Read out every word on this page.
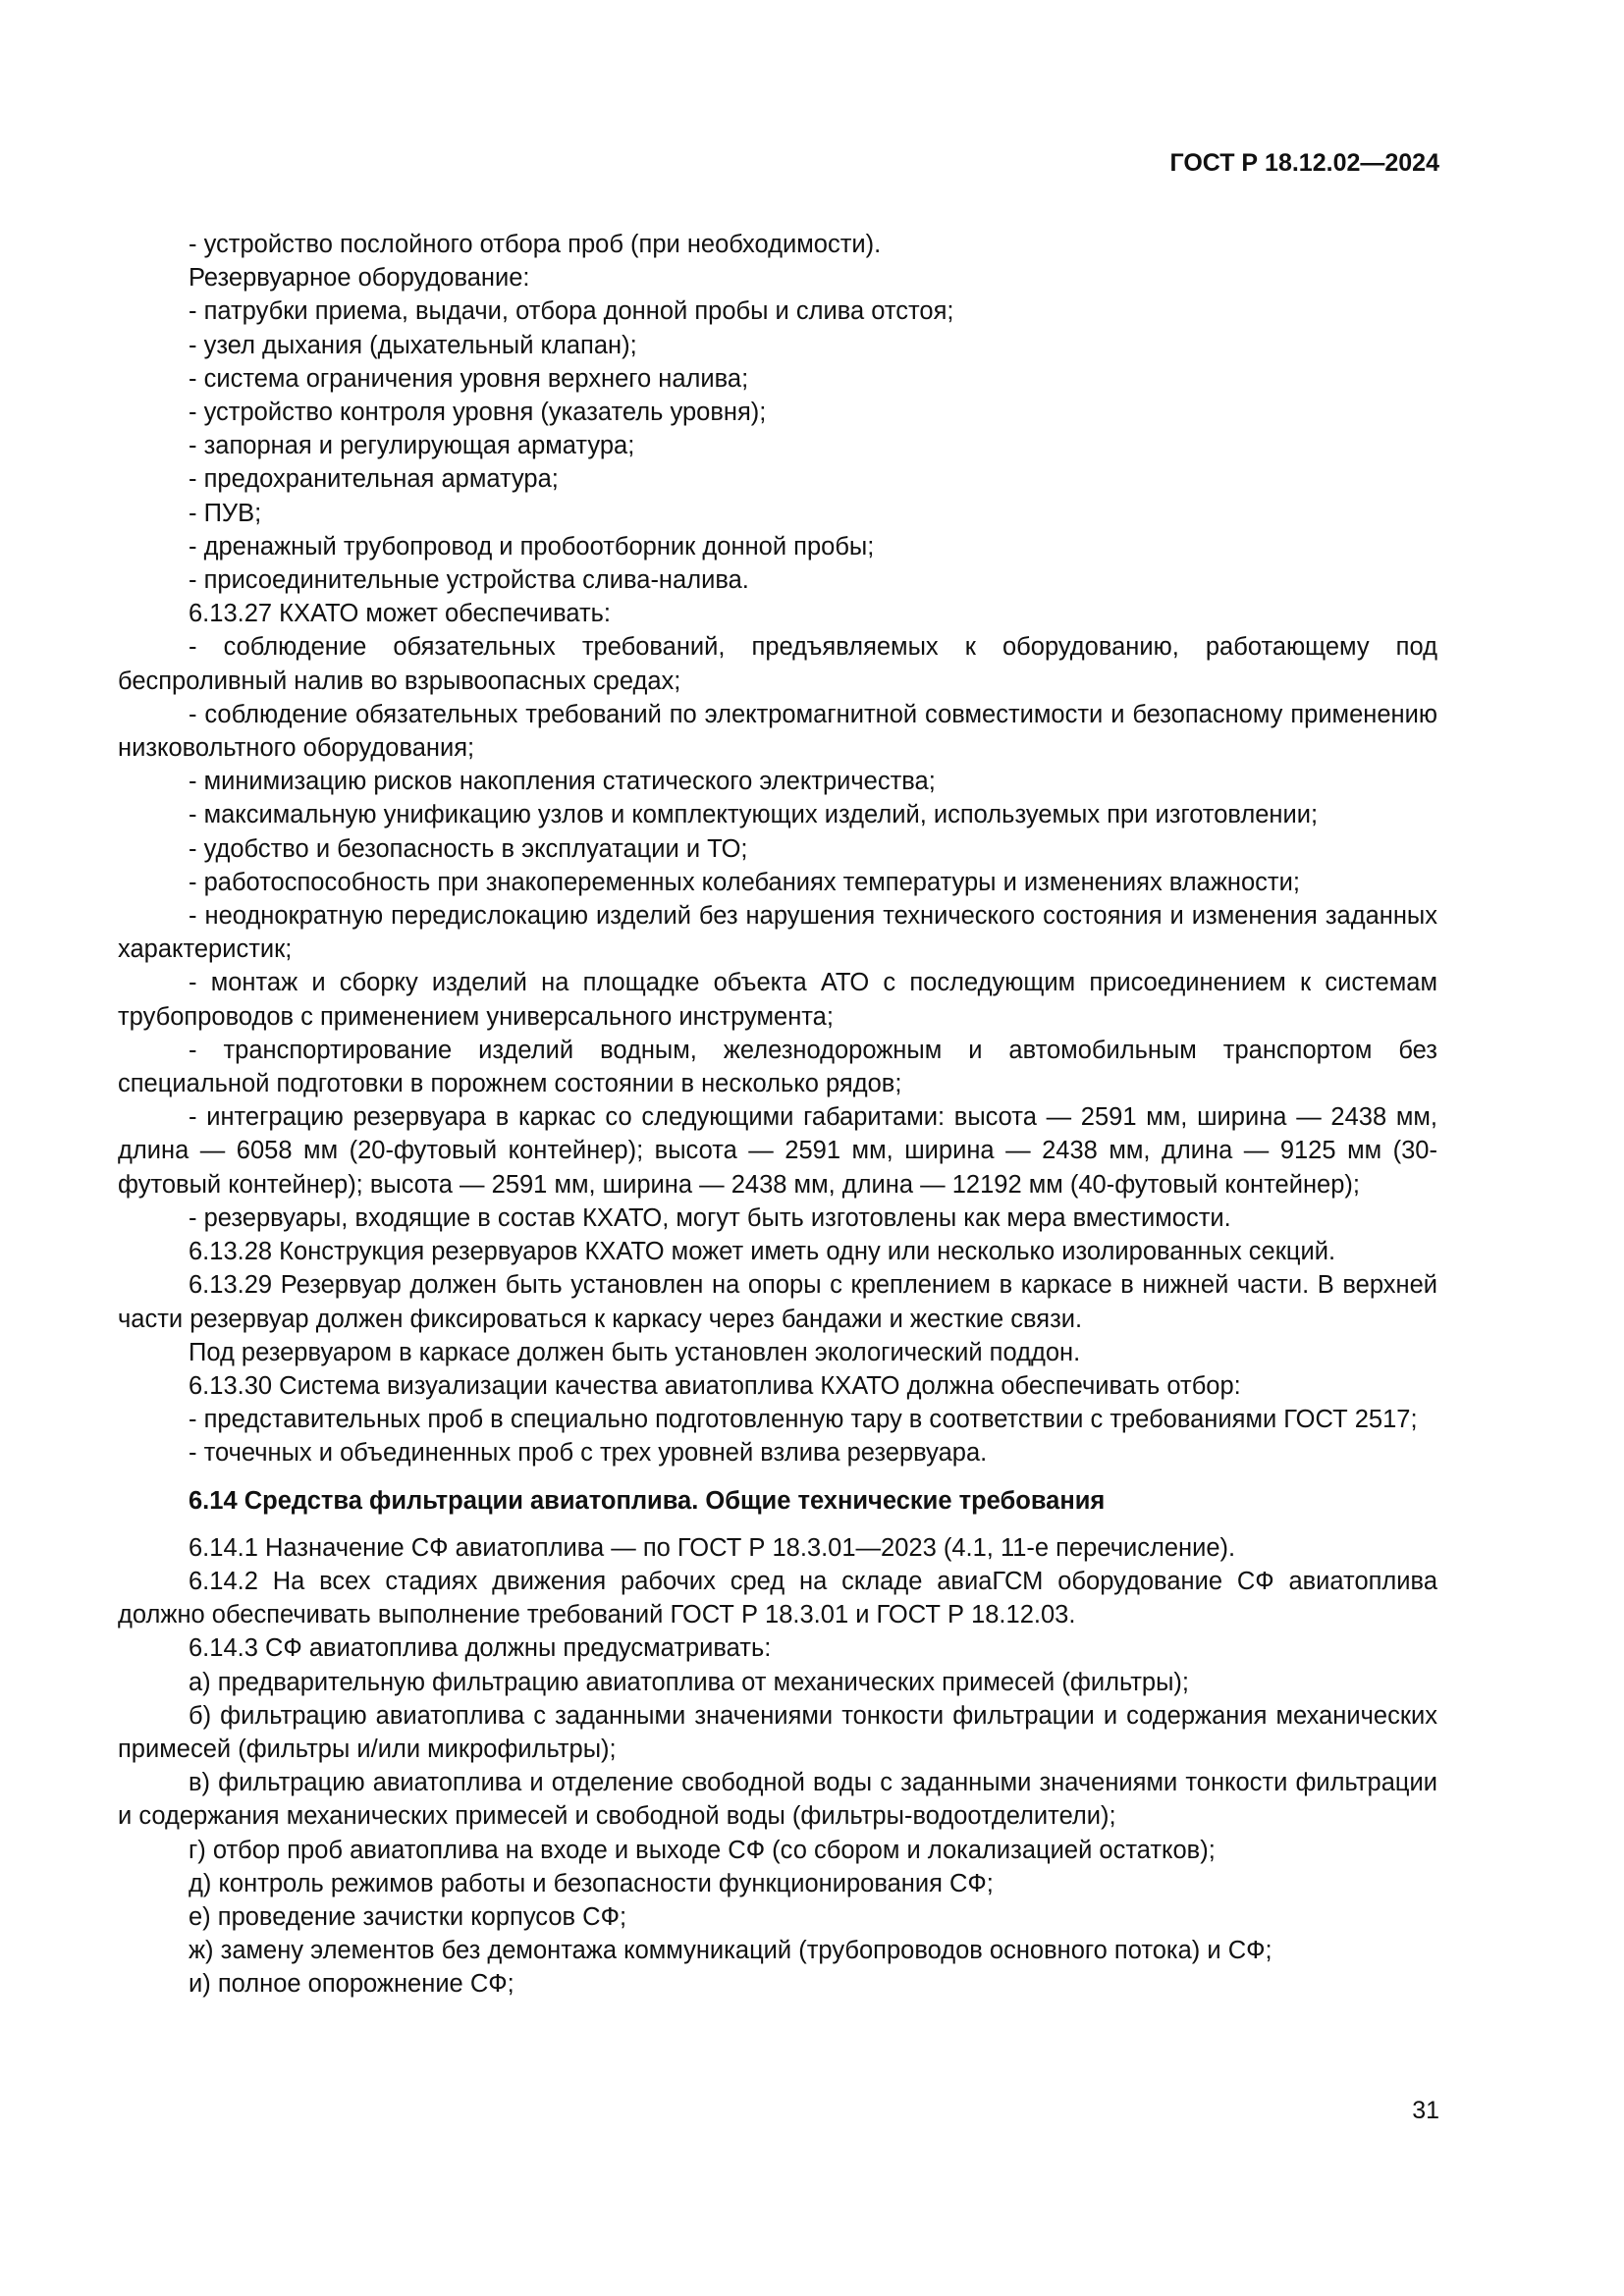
ГОСТ Р 18.12.02—2024

- устройство послойного отбора проб (при необходимости).

Резервуарное оборудование:

- патрубки приема, выдачи, отбора донной пробы и слива отстоя;

- узел дыхания (дыхательный клапан);

- система ограничения уровня верхнего налива;

- устройство контроля уровня (указатель уровня);

- запорная и регулирующая арматура;

- предохранительная арматура;

- ПУВ;

- дренажный трубопровод и пробоотборник донной пробы;

- присоединительные устройства слива-налива.

6.13.27 КХАТО может обеспечивать:

- соблюдение обязательных требований, предъявляемых к оборудованию, работающему под беспроливный налив во взрывоопасных средах;

- соблюдение обязательных требований по электромагнитной совместимости и безопасному применению низковольтного оборудования;

- минимизацию рисков накопления статического электричества;

- максимальную унификацию узлов и комплектующих изделий, используемых при изготовлении;

- удобство и безопасность в эксплуатации и ТО;

- работоспособность при знакопеременных колебаниях температуры и изменениях влажности;

- неоднократную передислокацию изделий без нарушения технического состояния и изменения заданных характеристик;

- монтаж и сборку изделий на площадке объекта АТО с последующим присоединением к системам трубопроводов с применением универсального инструмента;

- транспортирование изделий водным, железнодорожным и автомобильным транспортом без специальной подготовки в порожнем состоянии в несколько рядов;

- интеграцию резервуара в каркас со следующими габаритами: высота — 2591 мм, ширина — 2438 мм, длина — 6058 мм (20-футовый контейнер); высота — 2591 мм, ширина — 2438 мм, длина — 9125 мм (30-футовый контейнер); высота — 2591 мм, ширина — 2438 мм, длина — 12192 мм (40-футовый контейнер);

- резервуары, входящие в состав КХАТО, могут быть изготовлены как мера вместимости.

6.13.28 Конструкция резервуаров КХАТО может иметь одну или несколько изолированных секций.

6.13.29 Резервуар должен быть установлен на опоры с креплением в каркасе в нижней части. В верхней части резервуар должен фиксироваться к каркасу через бандажи и жесткие связи.

Под резервуаром в каркасе должен быть установлен экологический поддон.

6.13.30 Система визуализации качества авиатоплива КХАТО должна обеспечивать отбор:

- представительных проб в специально подготовленную тару в соответствии с требованиями ГОСТ 2517;

- точечных и объединенных проб с трех уровней взлива резервуара.

6.14 Средства фильтрации авиатоплива. Общие технические требования

6.14.1 Назначение СФ авиатоплива — по ГОСТ Р 18.3.01—2023 (4.1, 11-е перечисление).

6.14.2 На всех стадиях движения рабочих сред на складе авиаГСМ оборудование СФ авиатоплива должно обеспечивать выполнение требований ГОСТ Р 18.3.01 и ГОСТ Р 18.12.03.

6.14.3 СФ авиатоплива должны предусматривать:

а) предварительную фильтрацию авиатоплива от механических примесей (фильтры);

б) фильтрацию авиатоплива с заданными значениями тонкости фильтрации и содержания механических примесей (фильтры и/или микрофильтры);

в) фильтрацию авиатоплива и отделение свободной воды с заданными значениями тонкости фильтрации и содержания механических примесей и свободной воды (фильтры-водоотделители);

г) отбор проб авиатоплива на входе и выходе СФ (со сбором и локализацией остатков);

д) контроль режимов работы и безопасности функционирования СФ;

е) проведение зачистки корпусов СФ;

ж) замену элементов без демонтажа коммуникаций (трубопроводов основного потока) и СФ;

и) полное опорожнение СФ;

31
